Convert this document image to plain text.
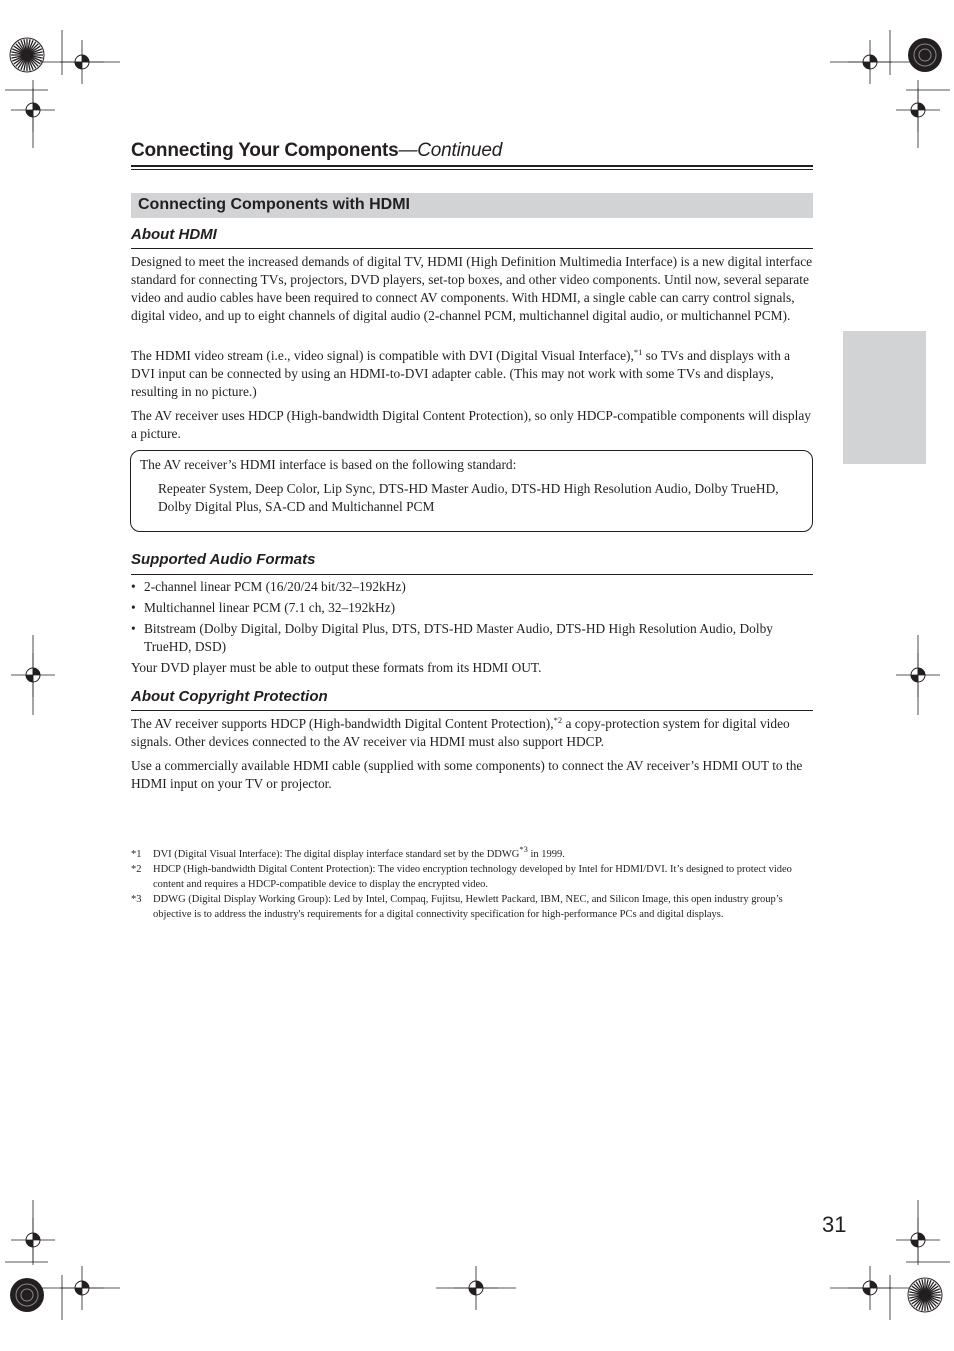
Connecting Your Components—Continued
Connecting Components with HDMI
About HDMI

Designed to meet the increased demands of digital TV, HDMI (High Definition Multimedia Interface) is a new digital interface standard for connecting TVs, projectors, DVD players, set-top boxes, and other video components. Until now, several separate video and audio cables have been required to connect AV components. With HDMI, a single cable can carry control signals, digital video, and up to eight channels of digital audio (2-channel PCM, multichannel digital audio, or multichannel PCM).

The HDMI video stream (i.e., video signal) is compatible with DVI (Digital Visual Interface),$^{*1}$ so TVs and displays with a DVI input can be connected by using an HDMI-to-DVI adapter cable. (This may not work with some TVs and displays, resulting in no picture.)

The AV receiver uses HDCP (High-bandwidth Digital Content Protection), so only HDCP-compatible components will display a picture.

The AV receiver’s HDMI interface is based on the following standard:

Repeater System, Deep Color, Lip Sync, DTS-HD Master Audio, DTS-HD High Resolution Audio, Dolby TrueHD, Dolby Digital Plus, SA-CD and Multichannel PCM

Supported Audio Formats
• 2-channel linear PCM (16/20/24 bit/32–192kHz)
• Multichannel linear PCM (7.1 ch, 32–192kHz)
• Bitstream (Dolby Digital, Dolby Digital Plus, DTS, DTS-HD Master Audio, DTS-HD High Resolution Audio, Dolby TrueHD, DSD)

Your DVD player must be able to output these formats from its HDMI OUT.

About Copyright Protection

The AV receiver supports HDCP (High-bandwidth Digital Content Protection),$^{*2}$ a copy-protection system for digital video signals. Other devices connected to the AV receiver via HDMI must also support HDCP.

Use a commercially available HDMI cable (supplied with some components) to connect the AV receiver’s HDMI OUT to the HDMI input on your TV or projector.

*1	DVI (Digital Visual Interface): The digital display interface standard set by the DDWG$^{*3}$ in 1999.
*2	HDCP (High-bandwidth Digital Content Protection): The video encryption technology developed by Intel for HDMI/DVI. It’s designed to protect video content and requires a HDCP-compatible device to display the encrypted video.
*3	DDWG (Digital Display Working Group): Led by Intel, Compaq, Fujitsu, Hewlett Packard, IBM, NEC, and Silicon Image, this open industry group’s objective is to address the industry's requirements for a digital connectivity specification for high-performance PCs and digital displays.
31
